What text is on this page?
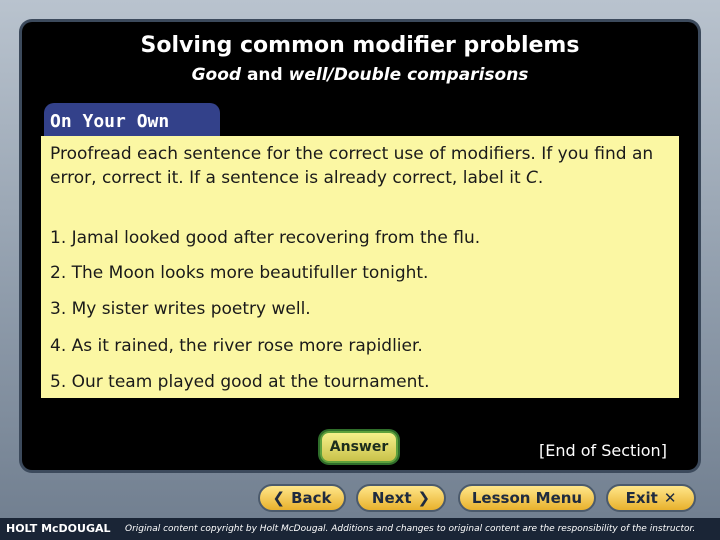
Solving common modifier problems
Good and well/Double comparisons
On Your Own
Proofread each sentence for the correct use of modifiers. If you find an error, correct it. If a sentence is already correct, label it C.
1. Jamal looked good after recovering from the flu.
2. The Moon looks more beautifuller tonight.
3. My sister writes poetry well.
4. As it rained, the river rose more rapidlier.
5. Our team played good at the tournament.
Answer	[End of Section]
❮ Back	Next ❯	Lesson Menu	Exit ✕
HOLT McDOUGAL Original content copyright by Holt McDougal. Additions and changes to original content are the responsibility of the instructor.
